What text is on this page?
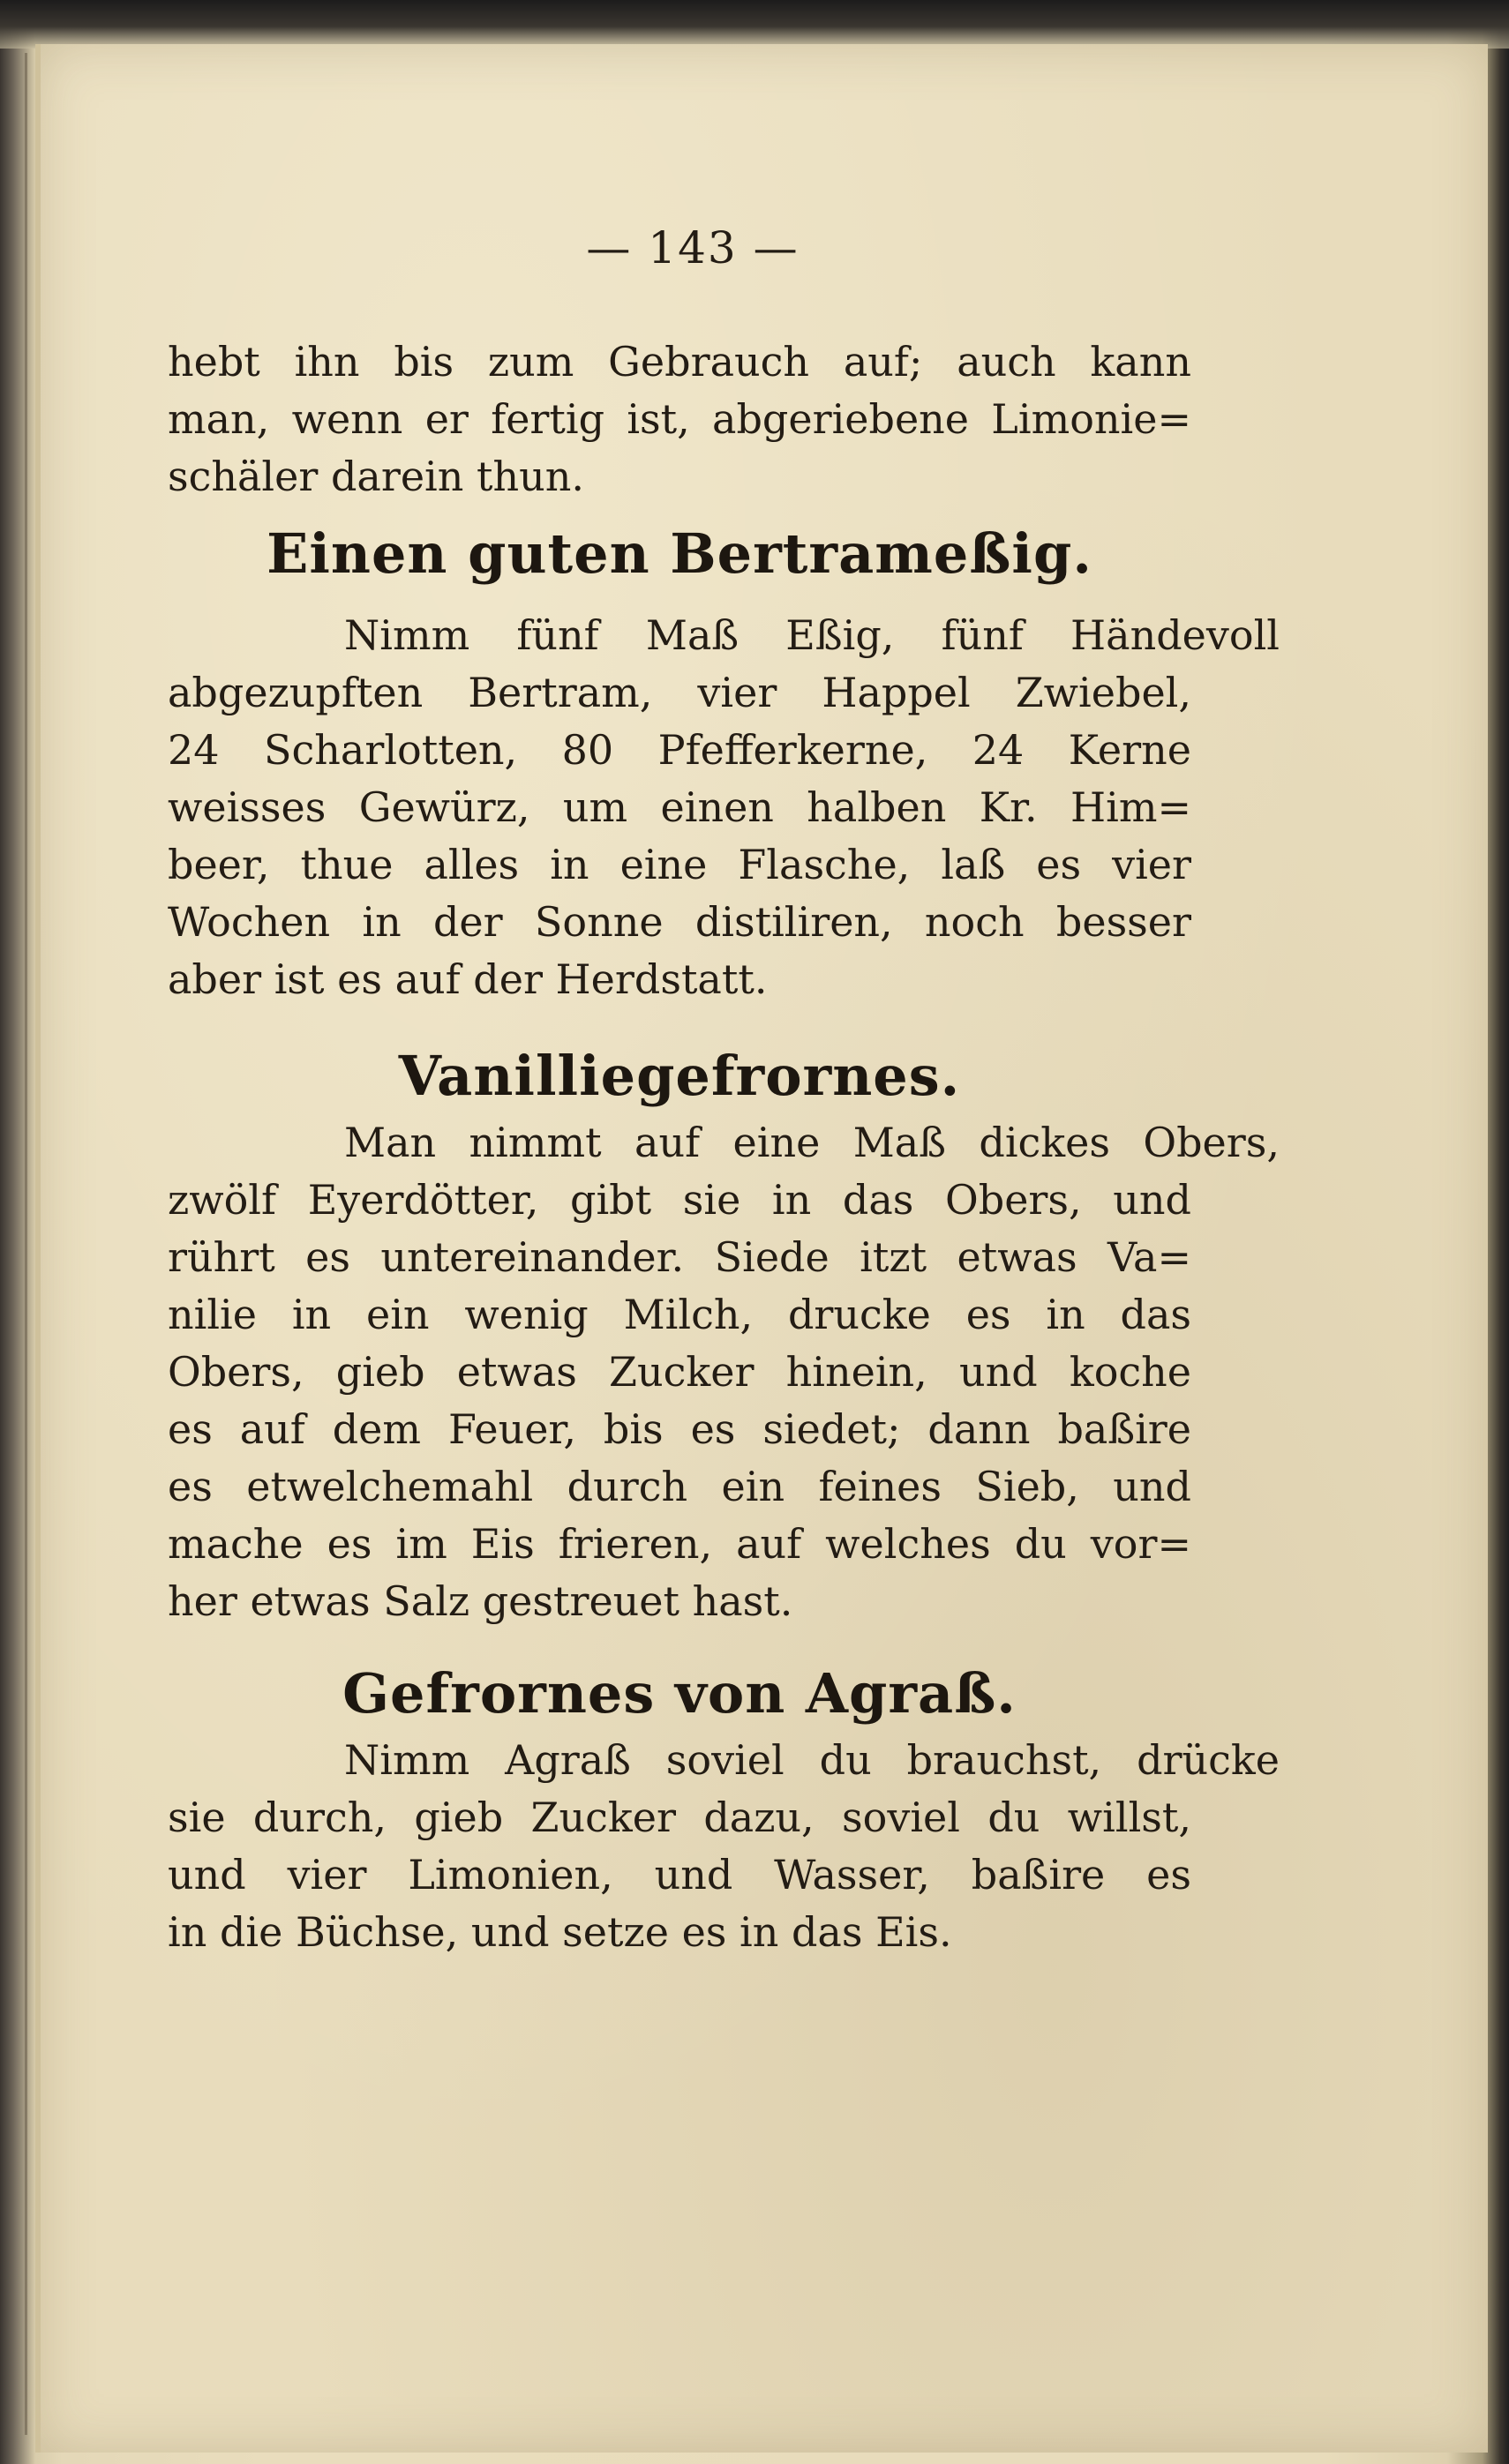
— 143 —
hebt ihn bis zum Gebrauch auf; auch kann
man, wenn er fertig ist, abgeriebene Limonie=
schäler darein thun.
Einen guten Bertrameßig.
Nimm fünf Maß Eßig, fünf Händevoll
abgezupften Bertram, vier Happel Zwiebel,
24 Scharlotten, 80 Pfefferkerne, 24 Kerne
weisses Gewürz, um einen halben Kr. Him=
beer, thue alles in eine Flasche, laß es vier
Wochen in der Sonne distiliren, noch besser
aber ist es auf der Herdstatt.
Vanilliegefrornes.
Man nimmt auf eine Maß dickes Obers,
zwölf Eyerdötter, gibt sie in das Obers, und
rührt es untereinander. Siede itzt etwas Va=
nilie in ein wenig Milch, drucke es in das
Obers, gieb etwas Zucker hinein, und koche
es auf dem Feuer, bis es siedet; dann baßire
es etwelchemahl durch ein feines Sieb, und
mache es im Eis frieren, auf welches du vor=
her etwas Salz gestreuet hast.
Gefrornes von Agraß.
Nimm Agraß soviel du brauchst, drücke
sie durch, gieb Zucker dazu, soviel du willst,
und vier Limonien, und Wasser, baßire es
in die Büchse, und setze es in das Eis.
